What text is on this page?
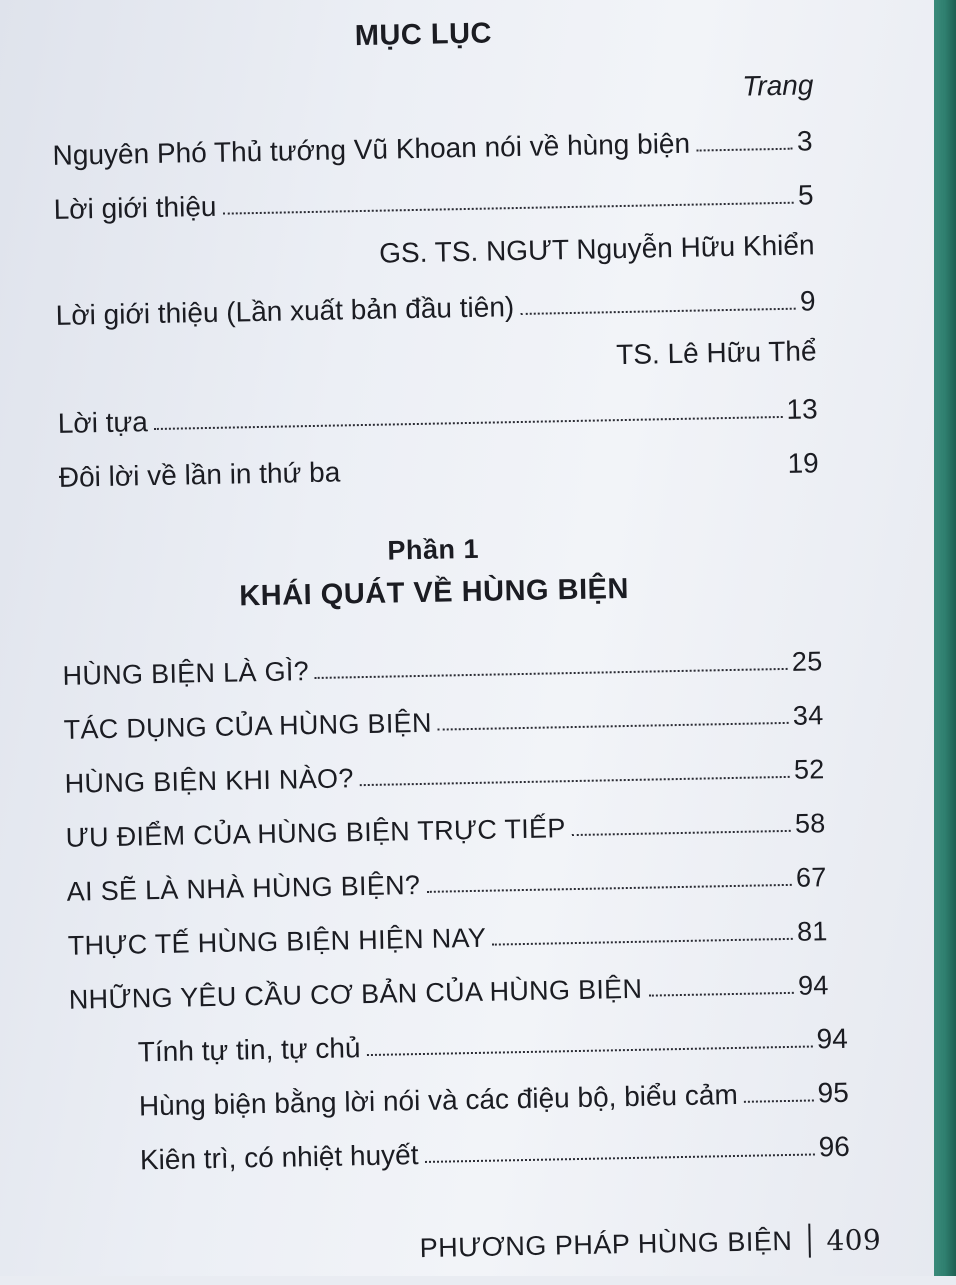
MỤC LỤC
Trang
Nguyên Phó Thủ tướng Vũ Khoan nói về hùng biện	3
Lời giới thiệu	5
GS. TS. NGƯT Nguyễn Hữu Khiển
Lời giới thiệu (Lần xuất bản đầu tiên)	9
TS. Lê Hữu Thể
Lời tựa	13
Đôi lời về lần in thứ ba	19
Phần 1
KHÁI QUÁT VỀ HÙNG BIỆN
HÙNG BIỆN LÀ GÌ?	25
TÁC DỤNG CỦA HÙNG BIỆN	34
HÙNG BIỆN KHI NÀO?	52
ƯU ĐIỂM CỦA HÙNG BIỆN TRỰC TIẾP	58
AI SẼ LÀ NHÀ HÙNG BIỆN?	67
THỰC TẾ HÙNG BIỆN HIỆN NAY	81
NHỮNG YÊU CẦU CƠ BẢN CỦA HÙNG BIỆN	94
Tính tự tin, tự chủ	94
Hùng biện bằng lời nói và các điệu bộ, biểu cảm	95
Kiên trì, có nhiệt huyết	96
PHƯƠNG PHÁP HÙNG BIỆN 409
